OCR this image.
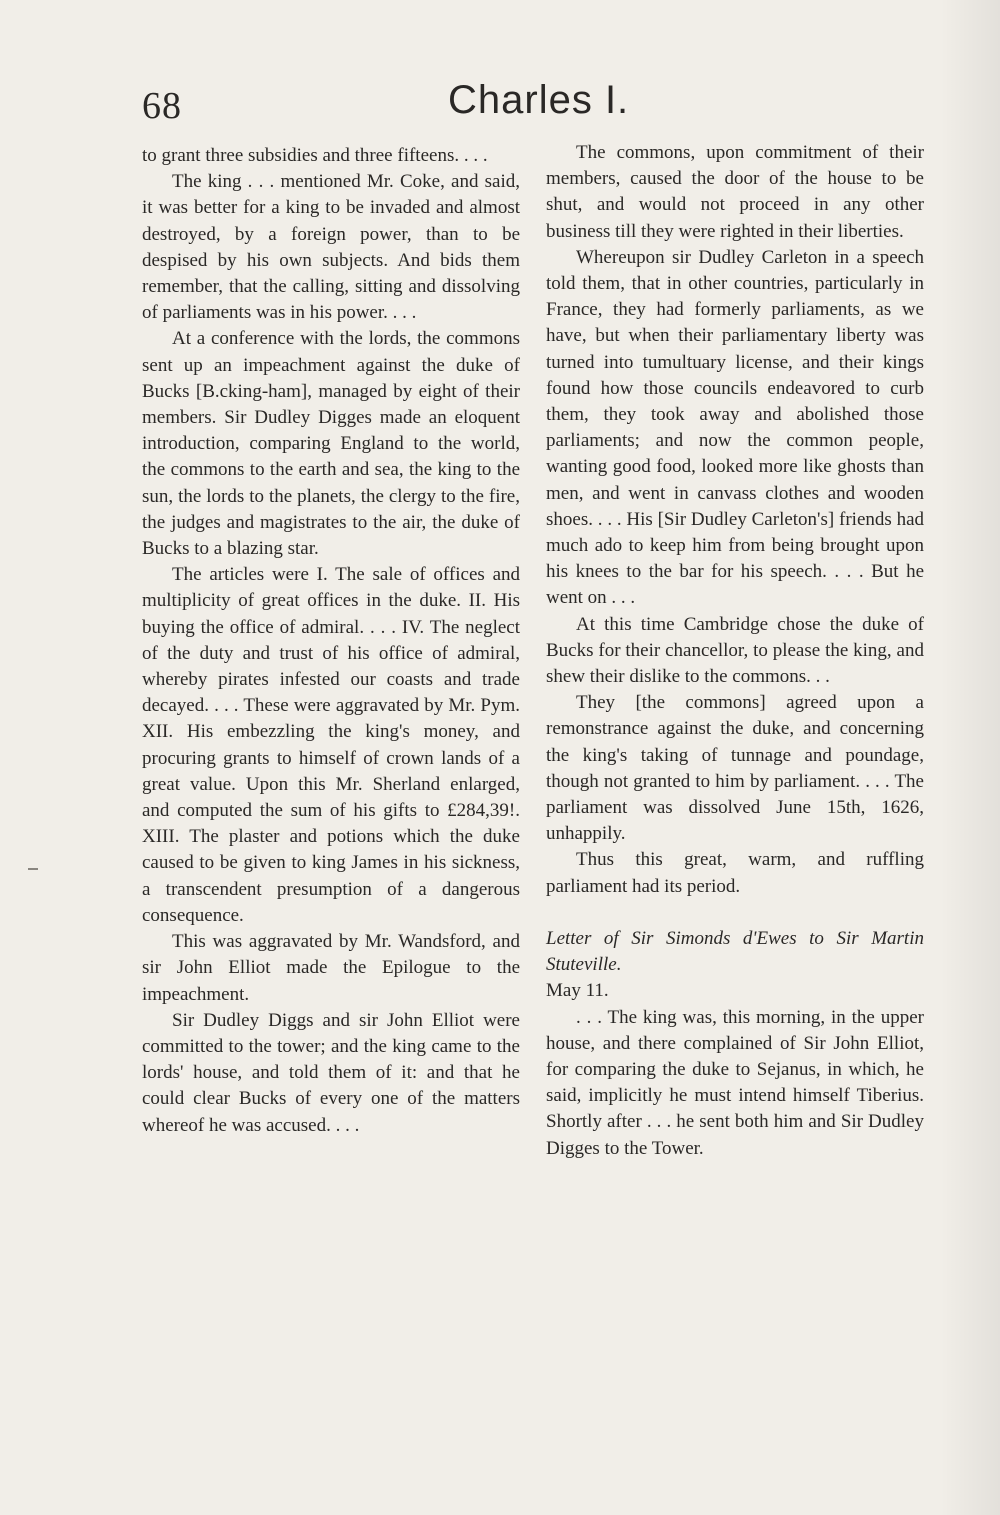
68	Charles I.

to grant three subsidies and three fifteens. . . .

The king . . . mentioned Mr. Coke, and said, it was better for a king to be invaded and almost destroyed, by a foreign power, than to be despised by his own subjects. And bids them remember, that the calling, sitting and dissolving of parliaments was in his power. . . .

At a conference with the lords, the commons sent up an impeachment against the duke of Bucks [B.cking-ham], managed by eight of their members. Sir Dudley Digges made an eloquent introduction, comparing England to the world, the commons to the earth and sea, the king to the sun, the lords to the planets, the clergy to the fire, the judges and magistrates to the air, the duke of Bucks to a blazing star.

The articles were I. The sale of offices and multiplicity of great offices in the duke. II. His buying the office of admiral. . . . IV. The neglect of the duty and trust of his office of admiral, whereby pirates infested our coasts and trade decayed. . . . These were aggravated by Mr. Pym. XII. His embezzling the king's money, and procuring grants to himself of crown lands of a great value. Upon this Mr. Sherland enlarged, and computed the sum of his gifts to £284,39!. XIII. The plaster and potions which the duke caused to be given to king James in his sickness, a transcendent presumption of a dangerous consequence.

This was aggravated by Mr. Wandsford, and sir John Elliot made the Epilogue to the impeachment.

Sir Dudley Diggs and sir John Elliot were committed to the tower; and the king came to the lords' house, and told them of it: and that he could clear Bucks of every one of the matters whereof he was accused. . . .

The commons, upon commitment of their members, caused the door of the house to be shut, and would not proceed in any other business till they were righted in their liberties.

Whereupon sir Dudley Carleton in a speech told them, that in other countries, particularly in France, they had formerly parliaments, as we have, but when their parliamentary liberty was turned into tumultuary license, and their kings found how those councils endeavored to curb them, they took away and abolished those parliaments; and now the common people, wanting good food, looked more like ghosts than men, and went in canvass clothes and wooden shoes. . . . His [Sir Dudley Carleton's] friends had much ado to keep him from being brought upon his knees to the bar for his speech. . . . But he went on . . .

At this time Cambridge chose the duke of Bucks for their chancellor, to please the king, and shew their dislike to the commons. . .

They [the commons] agreed upon a remonstrance against the duke, and concerning the king's taking of tunnage and poundage, though not granted to him by parliament. . . . The parliament was dissolved June 15th, 1626, unhappily.

Thus this great, warm, and ruffling parliament had its period.

Letter of Sir Simonds d'Ewes to Sir Martin Stuteville.

May 11.

. . . The king was, this morning, in the upper house, and there complained of Sir John Elliot, for comparing the duke to Sejanus, in which, he said, implicitly he must intend himself Tiberius. Shortly after . . . he sent both him and Sir Dudley Digges to the Tower.
